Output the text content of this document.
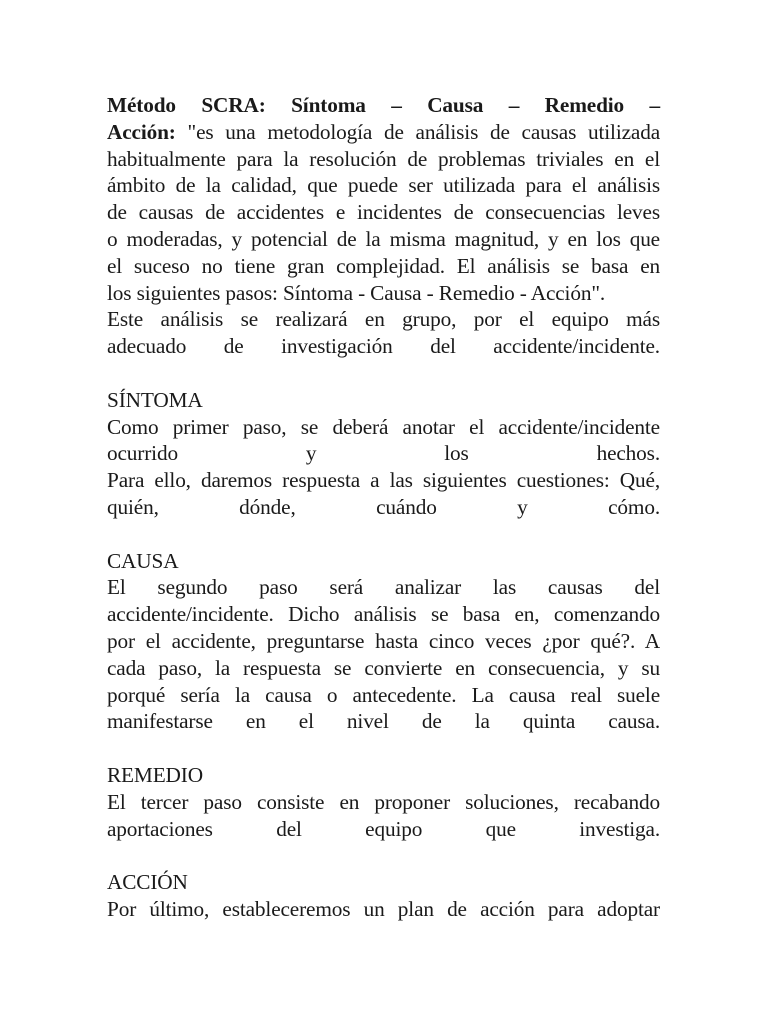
Método SCRA: Síntoma – Causa – Remedio –
Acción: "es una metodología de análisis de causas utilizada
habitualmente para la resolución de problemas triviales en el
ámbito de la calidad, que puede ser utilizada para el análisis
de causas de accidentes e incidentes de consecuencias leves
o moderadas, y potencial de la misma magnitud, y en los que
el suceso no tiene gran complejidad. El análisis se basa en
los siguientes pasos: Síntoma - Causa - Remedio - Acción".
Este análisis se realizará en grupo, por el equipo más
adecuado de investigación del accidente/incidente.
SÍNTOMA
Como primer paso, se deberá anotar el accidente/incidente
ocurrido y los hechos.
Para ello, daremos respuesta a las siguientes cuestiones: Qué,
quién, dónde, cuándo y cómo.
CAUSA
El segundo paso será analizar las causas del
accidente/incidente. Dicho análisis se basa en, comenzando
por el accidente, preguntarse hasta cinco veces ¿por qué?. A
cada paso, la respuesta se convierte en consecuencia, y su
porqué sería la causa o antecedente. La causa real suele
manifestarse en el nivel de la quinta causa.
REMEDIO
El tercer paso consiste en proponer soluciones, recabando
aportaciones del equipo que investiga.
ACCIÓN
Por último, estableceremos un plan de acción para adoptar
